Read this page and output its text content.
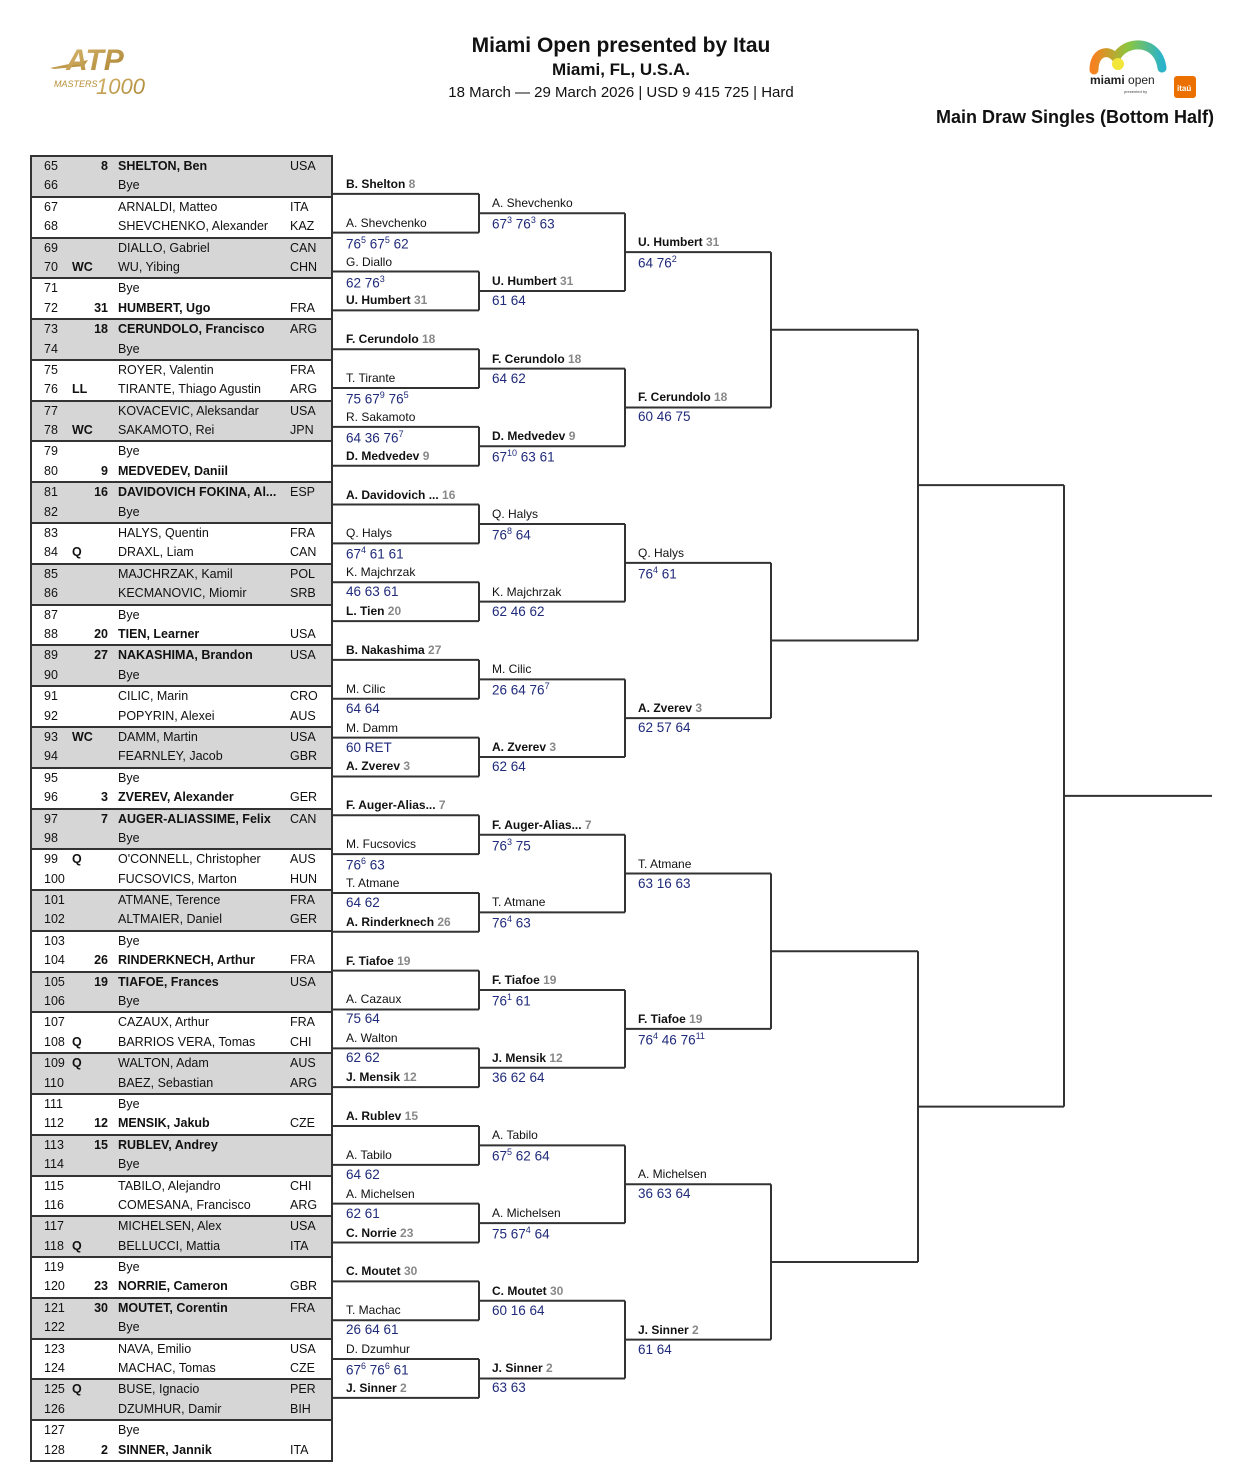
ATP
MASTERS
1000	miami open
presented by	itaú
Miami Open presented by Itau
Miami, FL, U.S.A.
18 March — 29 March 2026 | USD 9 415 725 | Hard
Main Draw Singles (Bottom Half)
65	8 SHELTON, Ben	USA
66	Bye
67	ARNALDI, Matteo	ITA
68	SHEVCHENKO, Alexander	KAZ
69	DIALLO, Gabriel	CAN
70 WC WU, Yibing	CHN
71	Bye
72	31 HUMBERT, Ugo	FRA
73	18 CERUNDOLO, Francisco	ARG
74	Bye
75	ROYER, Valentin	FRA
76 LL TIRANTE, Thiago Agustin	ARG
77	KOVACEVIC, Aleksandar	USA
78 WC SAKAMOTO, Rei	JPN
79	Bye
80	9 MEDVEDEV, Daniil
81	16 DAVIDOVICH FOKINA, Al...	ESP
82	Bye
83	HALYS, Quentin	FRA
84 Q	DRAXL, Liam	CAN
85	MAJCHRZAK, Kamil	POL
86	KECMANOVIC, Miomir	SRB
87	Bye
88	20 TIEN, Learner	USA
89	27 NAKASHIMA, Brandon	USA
90	Bye
91	CILIC, Marin	CRO
92	POPYRIN, Alexei	AUS
93 WC DAMM, Martin	USA
94	FEARNLEY, Jacob	GBR
95	Bye
96	3 ZVEREV, Alexander	GER
97	7 AUGER-ALIASSIME, Felix	CAN
98	Bye
99 Q	O'CONNELL, Christopher	AUS
100	FUCSOVICS, Marton	HUN
101	ATMANE, Terence	FRA
102	ALTMAIER, Daniel	GER
103	Bye
104	26 RINDERKNECH, Arthur	FRA
105	19 TIAFOE, Frances	USA
106	Bye
107	CAZAUX, Arthur	FRA
108 Q	BARRIOS VERA, Tomas	CHI
109 Q	WALTON, Adam	AUS
110	BAEZ, Sebastian	ARG
111	Bye
112	12 MENSIK, Jakub	CZE
113	15 RUBLEV, Andrey
114	Bye
115	TABILO, Alejandro	CHI
116	COMESANA, Francisco	ARG
117	MICHELSEN, Alex	USA
118 Q	BELLUCCI, Mattia	ITA
119	Bye
120	23 NORRIE, Cameron	GBR
121	30 MOUTET, Corentin	FRA
122	Bye
123	NAVA, Emilio	USA
124	MACHAC, Tomas	CZE
125 Q	BUSE, Ignacio	PER
126	DZUMHUR, Damir	BIH
127	Bye
128	2 SINNER, Jannik	ITA
B. Shelton 8
A. Shevchenko
$76^5$ $67^5$ 62
G. Diallo
62 $76^3$
U. Humbert 31
F. Cerundolo 18
T. Tirante
75 $67^9$ $76^5$
R. Sakamoto
64 36 $76^7$
D. Medvedev 9
A. Davidovich ... 16
Q. Halys
$67^4$ 61 61
K. Majchrzak
46 63 61
L. Tien 20
B. Nakashima 27
M. Cilic
64 64
M. Damm
60 RET
A. Zverev 3
F. Auger-Alias... 7
M. Fucsovics
$76^6$ 63
T. Atmane
64 62
A. Rinderknech 26
F. Tiafoe 19
A. Cazaux
75 64
A. Walton
62 62
J. Mensik 12
A. Rublev 15
A. Tabilo
64 62
A. Michelsen
62 61
C. Norrie 23
C. Moutet 30
T. Machac
26 64 61
D. Dzumhur
$67^6$ $76^6$ 61
J. Sinner 2
A. Shevchenko
$67^3$ $76^3$ 63
U. Humbert 31
61 64
F. Cerundolo 18
64 62
D. Medvedev 9
$67^{10}$ 63 61
Q. Halys
$76^8$ 64
K. Majchrzak
62 46 62
M. Cilic
26 64 $76^7$
A. Zverev 3
62 64
F. Auger-Alias... 7
$76^3$ 75
T. Atmane
$76^4$ 63
F. Tiafoe 19
$76^1$ 61
J. Mensik 12
36 62 64
A. Tabilo
$67^5$ 62 64
A. Michelsen
75 $67^4$ 64
C. Moutet 30
60 16 64
J. Sinner 2
63 63
U. Humbert 31
64 $76^2$
F. Cerundolo 18
60 46 75
Q. Halys
$76^4$ 61
A. Zverev 3
62 57 64
T. Atmane
63 16 63
F. Tiafoe 19
$76^4$ 46 $76^{11}$
A. Michelsen
36 63 64
J. Sinner 2
61 64
